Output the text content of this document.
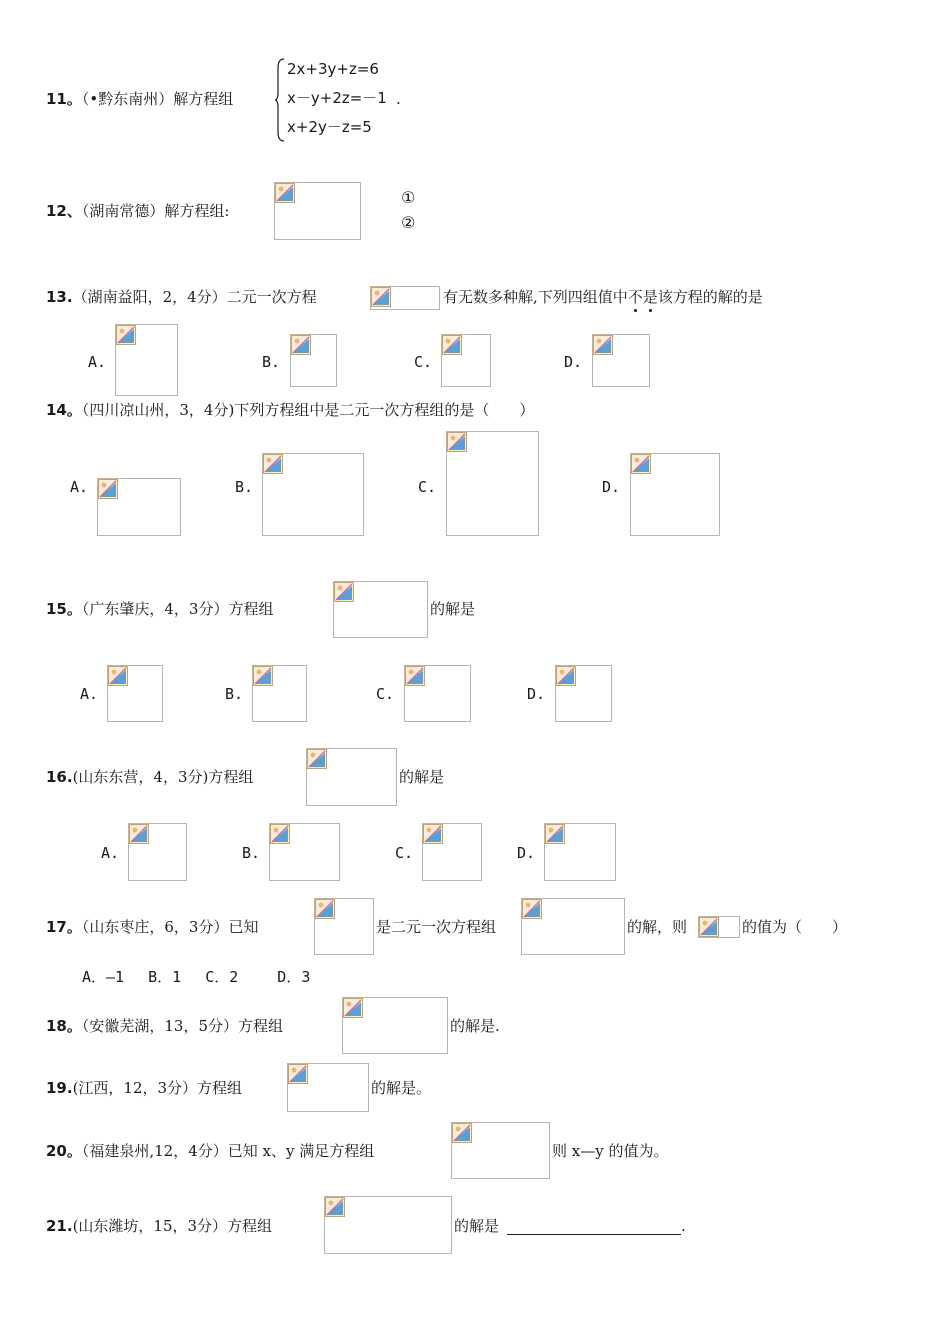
11。（•黔东南州）解方程组
2x+3y+z=6
x－y+2z=－1
x+2y－z=5
.
12、（湖南常德）解方程组:
①
②
13.（湖南益阳，2，4分）二元一次方程	有无数多种解,下列四组值中不是
该方程的解的是
A.	B.	C.	D.
14。（四川凉山州，3，4分)下列方程组中是二元一次方程组的是（　　）
A.	B.	C.	D.
15。（广东肇庆，4，3分）方程组	的解是
A.	B.	C.	D.
16.(山东东营，4，3分)方程组	的解是
A.	B.	C.	D.
17。（山东枣庄，6，3分）已知	是二元一次方程组	的解，则	的值为（　　）
A．—1　 B．1　 C．2　　 D．3
18。（安徽芜湖，13，5分）方程组	的解是.
19.(江西，12，3分）方程组	的解是。
20。（福建泉州,12，4分）已知 x、y 满足方程组	则 x—y 的值为。
21.(山东潍坊，15，3分）方程组	的解是	.
